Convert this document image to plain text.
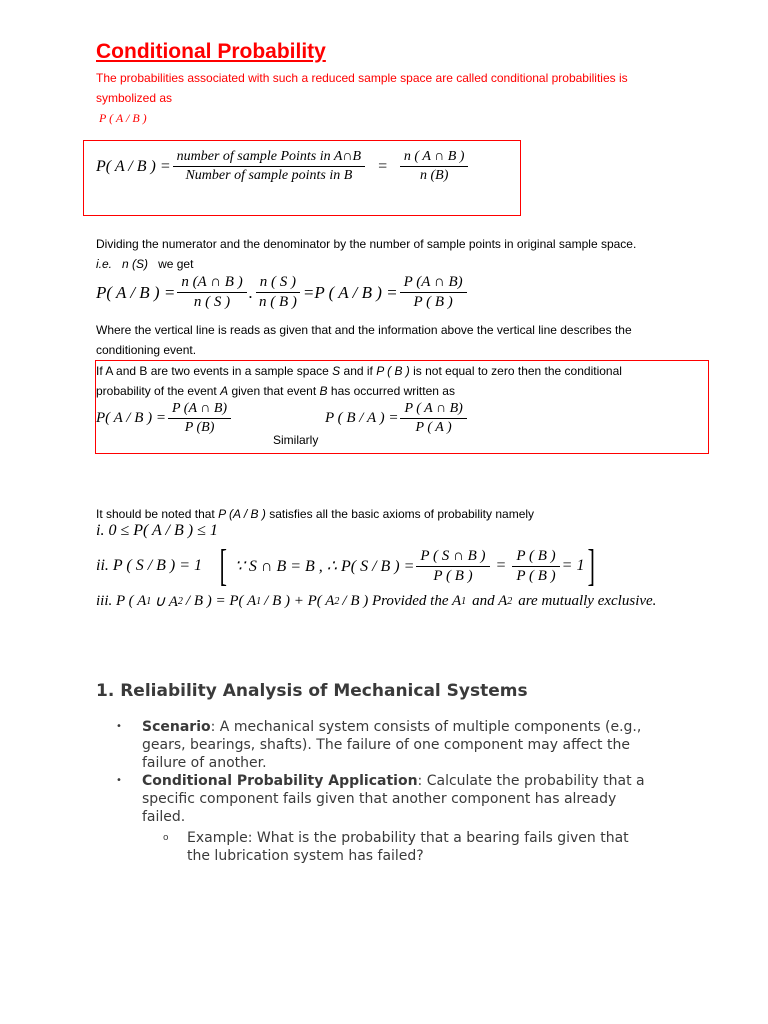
Conditional Probability
The probabilities associated with such a reduced sample space are called conditional probabilities is
symbolized as
P ( A / B )
P( A / B ) = $\frac{\text{number of sample Points in A∩B}}{\text{Number of sample points in B}} = \frac{n ( A \cap B )}{n (B)}$
Dividing the numerator and the denominator by the number of sample points in original sample space.
i.e. n (S) we get
P( A / B ) = $\frac{n (A \cap B )}{n ( S )}$ . $\frac{n ( S )}{n ( B )} =P$ ( A / B ) = $\frac{P (A \cap B)}{P ( B )}$
Where the vertical line is reads as given that and the information above the vertical line describes the
conditioning event.
If A and B are two events in a sample space S and if P ( B ) is not equal to zero then the conditional
probability of the event A given that event B has occurred written as
P( A / B ) = $\frac{P (A \cap B)}{P (B)}$
Similarly
P ( B / A ) = $\frac{P ( A \cap B)}{P ( A )}$
It should be noted that P (A / B ) satisfies all the basic axioms of probability namely
i. 0 ≤ P( A / B ) ≤ 1
ii. P ( S / B ) = 1 [ ∵ S ∩ B = B , ∴ P( S / B ) = $\frac{P ( S \cap B )}{P ( B )} = \frac{P ( B )}{P ( B )} = 1$ ]
iii. P ( A 1 ∪ A 2 / B ) = P( A 1 / B ) + P( A 2 / B ) Provided the A 1 and A 2 are mutually exclusive.
1. Reliability Analysis of Mechanical Systems
•	Scenario: A mechanical system consists of multiple components (e.g., gears, bearings, shafts). The failure of one component may affect the failure of another.
•	Conditional Probability Application: Calculate the probability that a specific component fails given that another component has already failed.
o	Example: What is the probability that a bearing fails given that the lubrication system has failed?
